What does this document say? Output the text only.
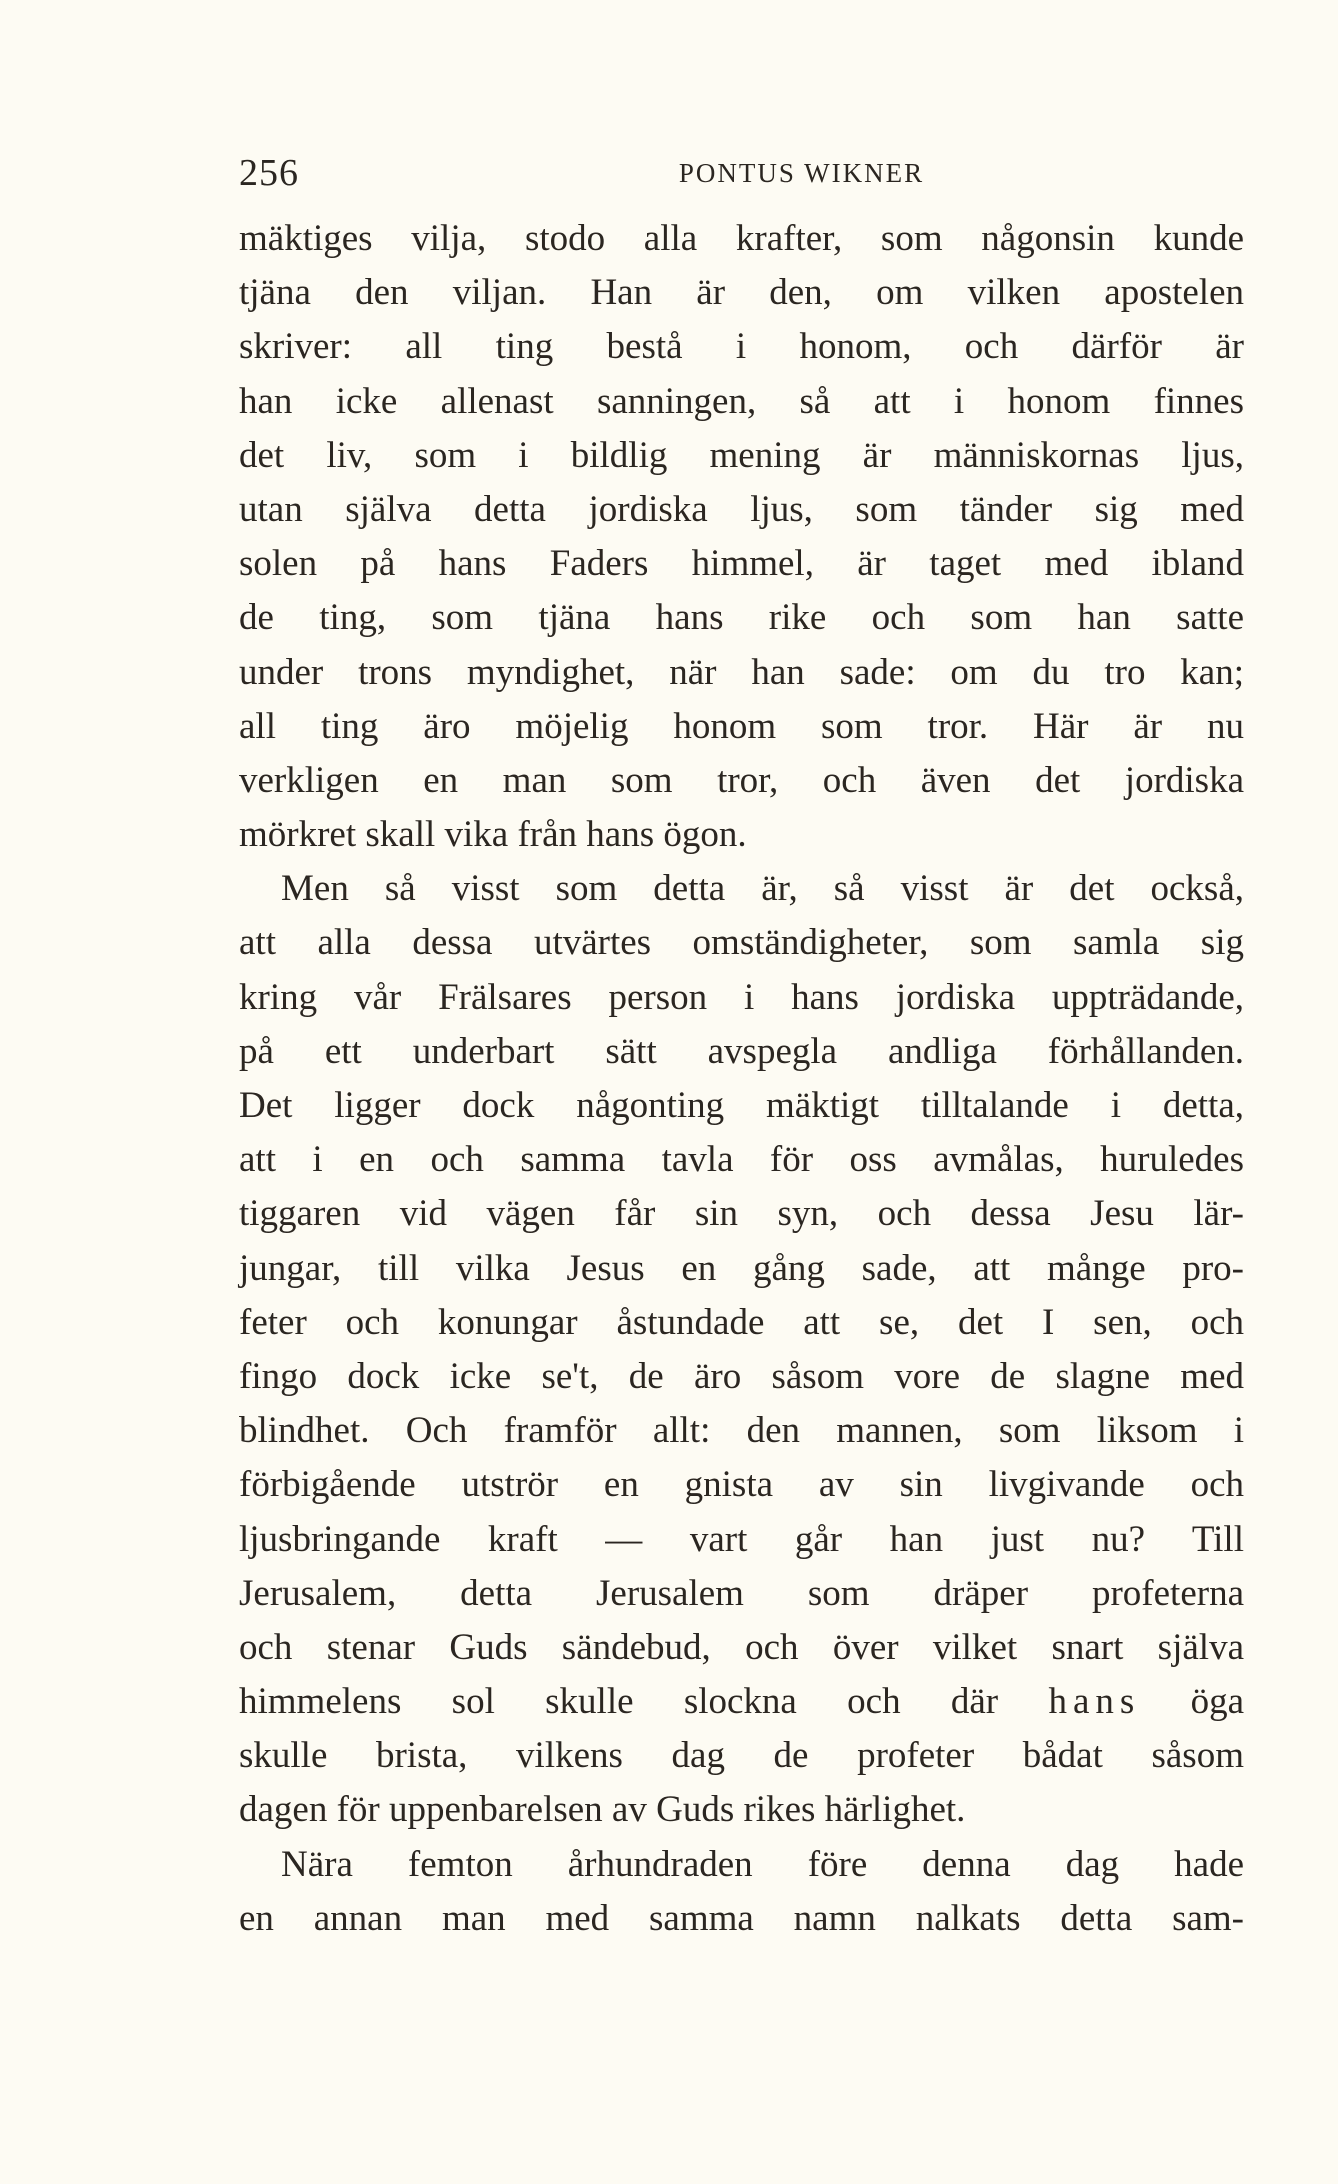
256	PONTUS WIKNER
mäktiges vilja, stodo alla krafter, som någonsin kunde
tjäna den viljan. Han är den, om vilken apostelen
skriver: all ting bestå i honom, och därför är
han icke allenast sanningen, så att i honom finnes
det liv, som i bildlig mening är människornas ljus,
utan själva detta jordiska ljus, som tänder sig med
solen på hans Faders himmel, är taget med ibland
de ting, som tjäna hans rike och som han satte
under trons myndighet, när han sade: om du tro kan;
all ting äro möjelig honom som tror. Här är nu
verkligen en man som tror, och även det jordiska
mörkret skall vika från hans ögon.
Men så visst som detta är, så visst är det också,
att alla dessa utvärtes omständigheter, som samla sig
kring vår Frälsares person i hans jordiska uppträdande,
på ett underbart sätt avspegla andliga förhållanden.
Det ligger dock någonting mäktigt tilltalande i detta,
att i en och samma tavla för oss avmålas, huruledes
tiggaren vid vägen får sin syn, och dessa Jesu lär-
jungar, till vilka Jesus en gång sade, att månge pro-
feter och konungar åstundade att se, det I sen, och
fingo dock icke se't, de äro såsom vore de slagne med
blindhet. Och framför allt: den mannen, som liksom i
förbigående utströr en gnista av sin livgivande och
ljusbringande kraft — vart går han just nu? Till
Jerusalem, detta Jerusalem som dräper profeterna
och stenar Guds sändebud, och över vilket snart själva
himmelens sol skulle slockna och där hans öga
skulle brista, vilkens dag de profeter bådat såsom
dagen för uppenbarelsen av Guds rikes härlighet.
Nära femton århundraden före denna dag hade
en annan man med samma namn nalkats detta sam-
